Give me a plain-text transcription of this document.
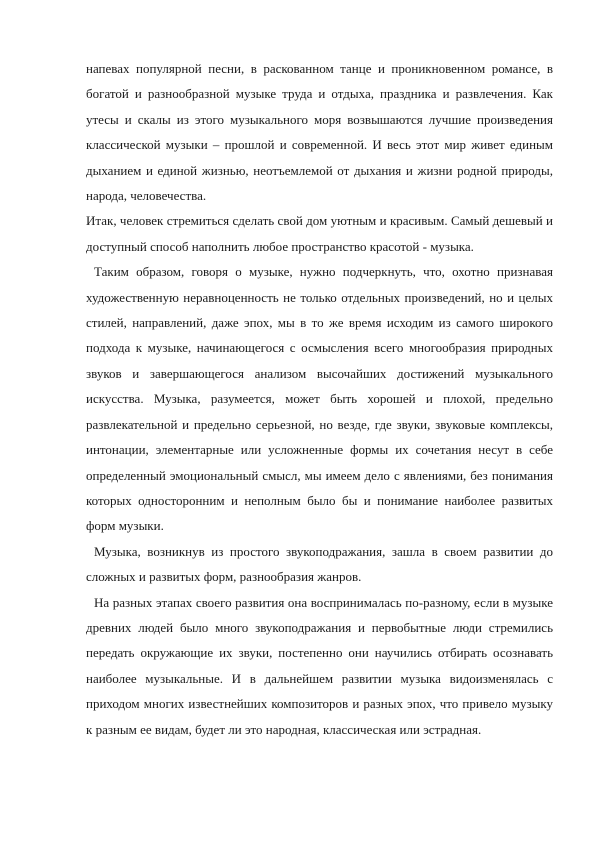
напевах популярной песни, в раскованном танце и проникновенном романсе, в богатой и разнообразной музыке труда и отдыха, праздника и развлечения. Как утесы и скалы из этого музыкального моря возвышаются лучшие произведения классической музыки – прошлой и современной. И весь этот мир живет единым дыханием и единой жизнью, неотъемлемой от дыхания и жизни родной природы, народа, человечества.

Итак, человек стремиться сделать свой дом уютным и красивым. Самый дешевый и доступный способ наполнить любое пространство красотой - музыка.

Таким образом, говоря о музыке, нужно подчеркнуть, что, охотно признавая художественную неравноценность не только отдельных произведений, но и целых стилей, направлений, даже эпох, мы в то же время исходим из самого широкого подхода к музыке, начинающегося с осмысления всего многообразия природных звуков и завершающегося анализом высочайших достижений музыкального искусства. Музыка, разумеется, может быть хорошей и плохой, предельно развлекательной и предельно серьезной, но везде, где звуки, звуковые комплексы, интонации, элементарные или усложненные формы их сочетания несут в себе определенный эмоциональный смысл, мы имеем дело с явлениями, без понимания которых односторонним и неполным было бы и понимание наиболее развитых форм музыки.

Музыка, возникнув из простого звукоподражания, зашла в своем развитии до сложных и развитых форм, разнообразия жанров.

На разных этапах своего развития она воспринималась по-разному, если в музыке древних людей было много звукоподражания и первобытные люди стремились передать окружающие их звуки, постепенно они научились отбирать осознавать наиболее музыкальные. И в дальнейшем развитии музыка видоизменялась с приходом многих известнейших композиторов и разных эпох, что привело музыку к разным ее видам, будет ли это народная, классическая или эстрадная.
